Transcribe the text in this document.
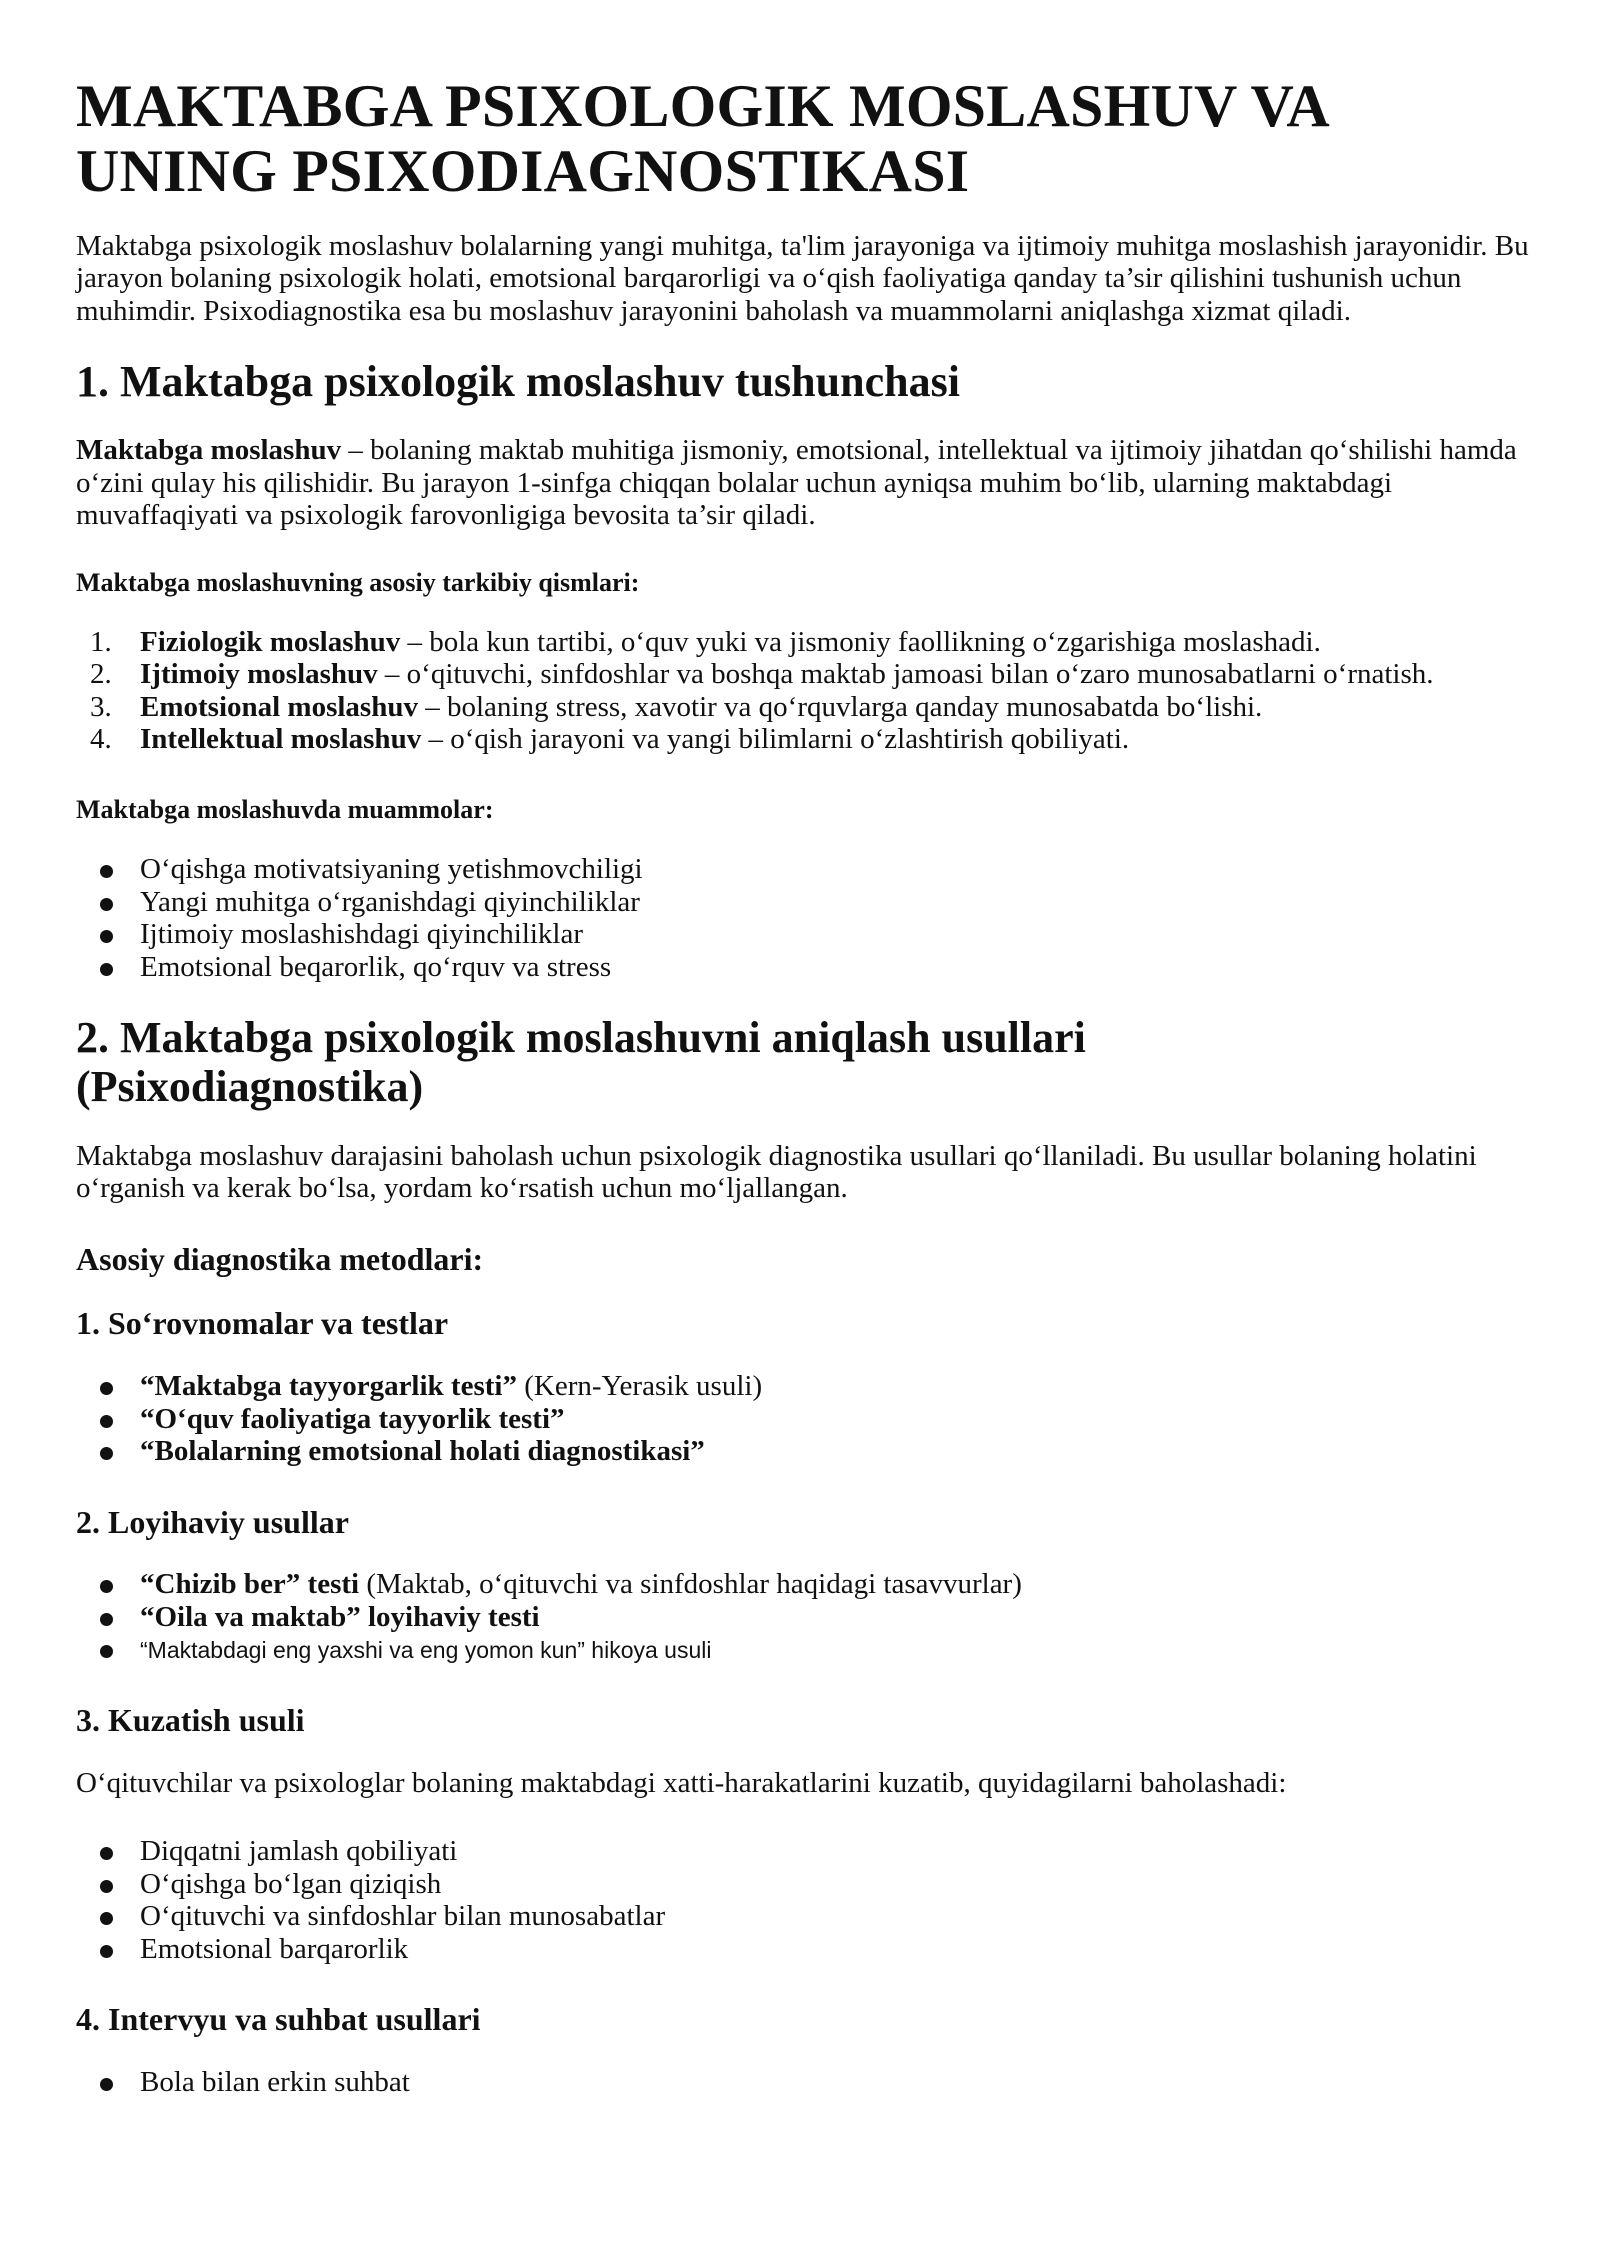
MAKTABGA PSIXOLOGIK MOSLASHUV VA UNING PSIXODIAGNOSTIKASI

Maktabga psixologik moslashuv bolalarning yangi muhitga, ta'lim jarayoniga va ijtimoiy muhitga moslashish jarayonidir. Bu jarayon bolaning psixologik holati, emotsional barqarorligi va o‘qish faoliyatiga qanday ta’sir qilishini tushunish uchun muhimdir. Psixodiagnostika esa bu moslashuv jarayonini baholash va muammolarni aniqlashga xizmat qiladi.

1. Maktabga psixologik moslashuv tushunchasi

Maktabga moslashuv – bolaning maktab muhitiga jismoniy, emotsional, intellektual va ijtimoiy jihatdan qo‘shilishi hamda o‘zini qulay his qilishidir. Bu jarayon 1-sinfga chiqqan bolalar uchun ayniqsa muhim bo‘lib, ularning maktabdagi muvaffaqiyati va psixologik farovonligiga bevosita ta’sir qiladi.

Maktabga moslashuvning asosiy tarkibiy qismlari:
1. Fiziologik moslashuv – bola kun tartibi, o‘quv yuki va jismoniy faollikning o‘zgarishiga moslashadi.
2. Ijtimoiy moslashuv – o‘qituvchi, sinfdoshlar va boshqa maktab jamoasi bilan o‘zaro munosabatlarni o‘rnatish.
3. Emotsional moslashuv – bolaning stress, xavotir va qo‘rquvlarga qanday munosabatda bo‘lishi.
4. Intellektual moslashuv – o‘qish jarayoni va yangi bilimlarni o‘zlashtirish qobiliyati.
Maktabga moslashuvda muammolar:
O‘qishga motivatsiyaning yetishmovchiligi
Yangi muhitga o‘rganishdagi qiyinchiliklar
Ijtimoiy moslashishdagi qiyinchiliklar
Emotsional beqarorlik, qo‘rquv va stress
2. Maktabga psixologik moslashuvni aniqlash usullari (Psixodiagnostika)

Maktabga moslashuv darajasini baholash uchun psixologik diagnostika usullari qo‘llaniladi. Bu usullar bolaning holatini o‘rganish va kerak bo‘lsa, yordam ko‘rsatish uchun mo‘ljallangan.

Asosiy diagnostika metodlari:
1. So‘rovnomalar va testlar
“Maktabga tayyorgarlik testi” (Kern-Yerasik usuli)
“O‘quv faoliyatiga tayyorlik testi”
“Bolalarning emotsional holati diagnostikasi”
2. Loyihaviy usullar
“Chizib ber” testi (Maktab, o‘qituvchi va sinfdoshlar haqidagi tasavvurlar)
“Oila va maktab” loyihaviy testi
“Maktabdagi eng yaxshi va eng yomon kun” hikoya usuli
3. Kuzatish usuli

O‘qituvchilar va psixologlar bolaning maktabdagi xatti-harakatlarini kuzatib, quyidagilarni baholashadi:

Diqqatni jamlash qobiliyati
O‘qishga bo‘lgan qiziqish
O‘qituvchi va sinfdoshlar bilan munosabatlar
Emotsional barqarorlik
4. Intervyu va suhbat usullari
Bola bilan erkin suhbat
